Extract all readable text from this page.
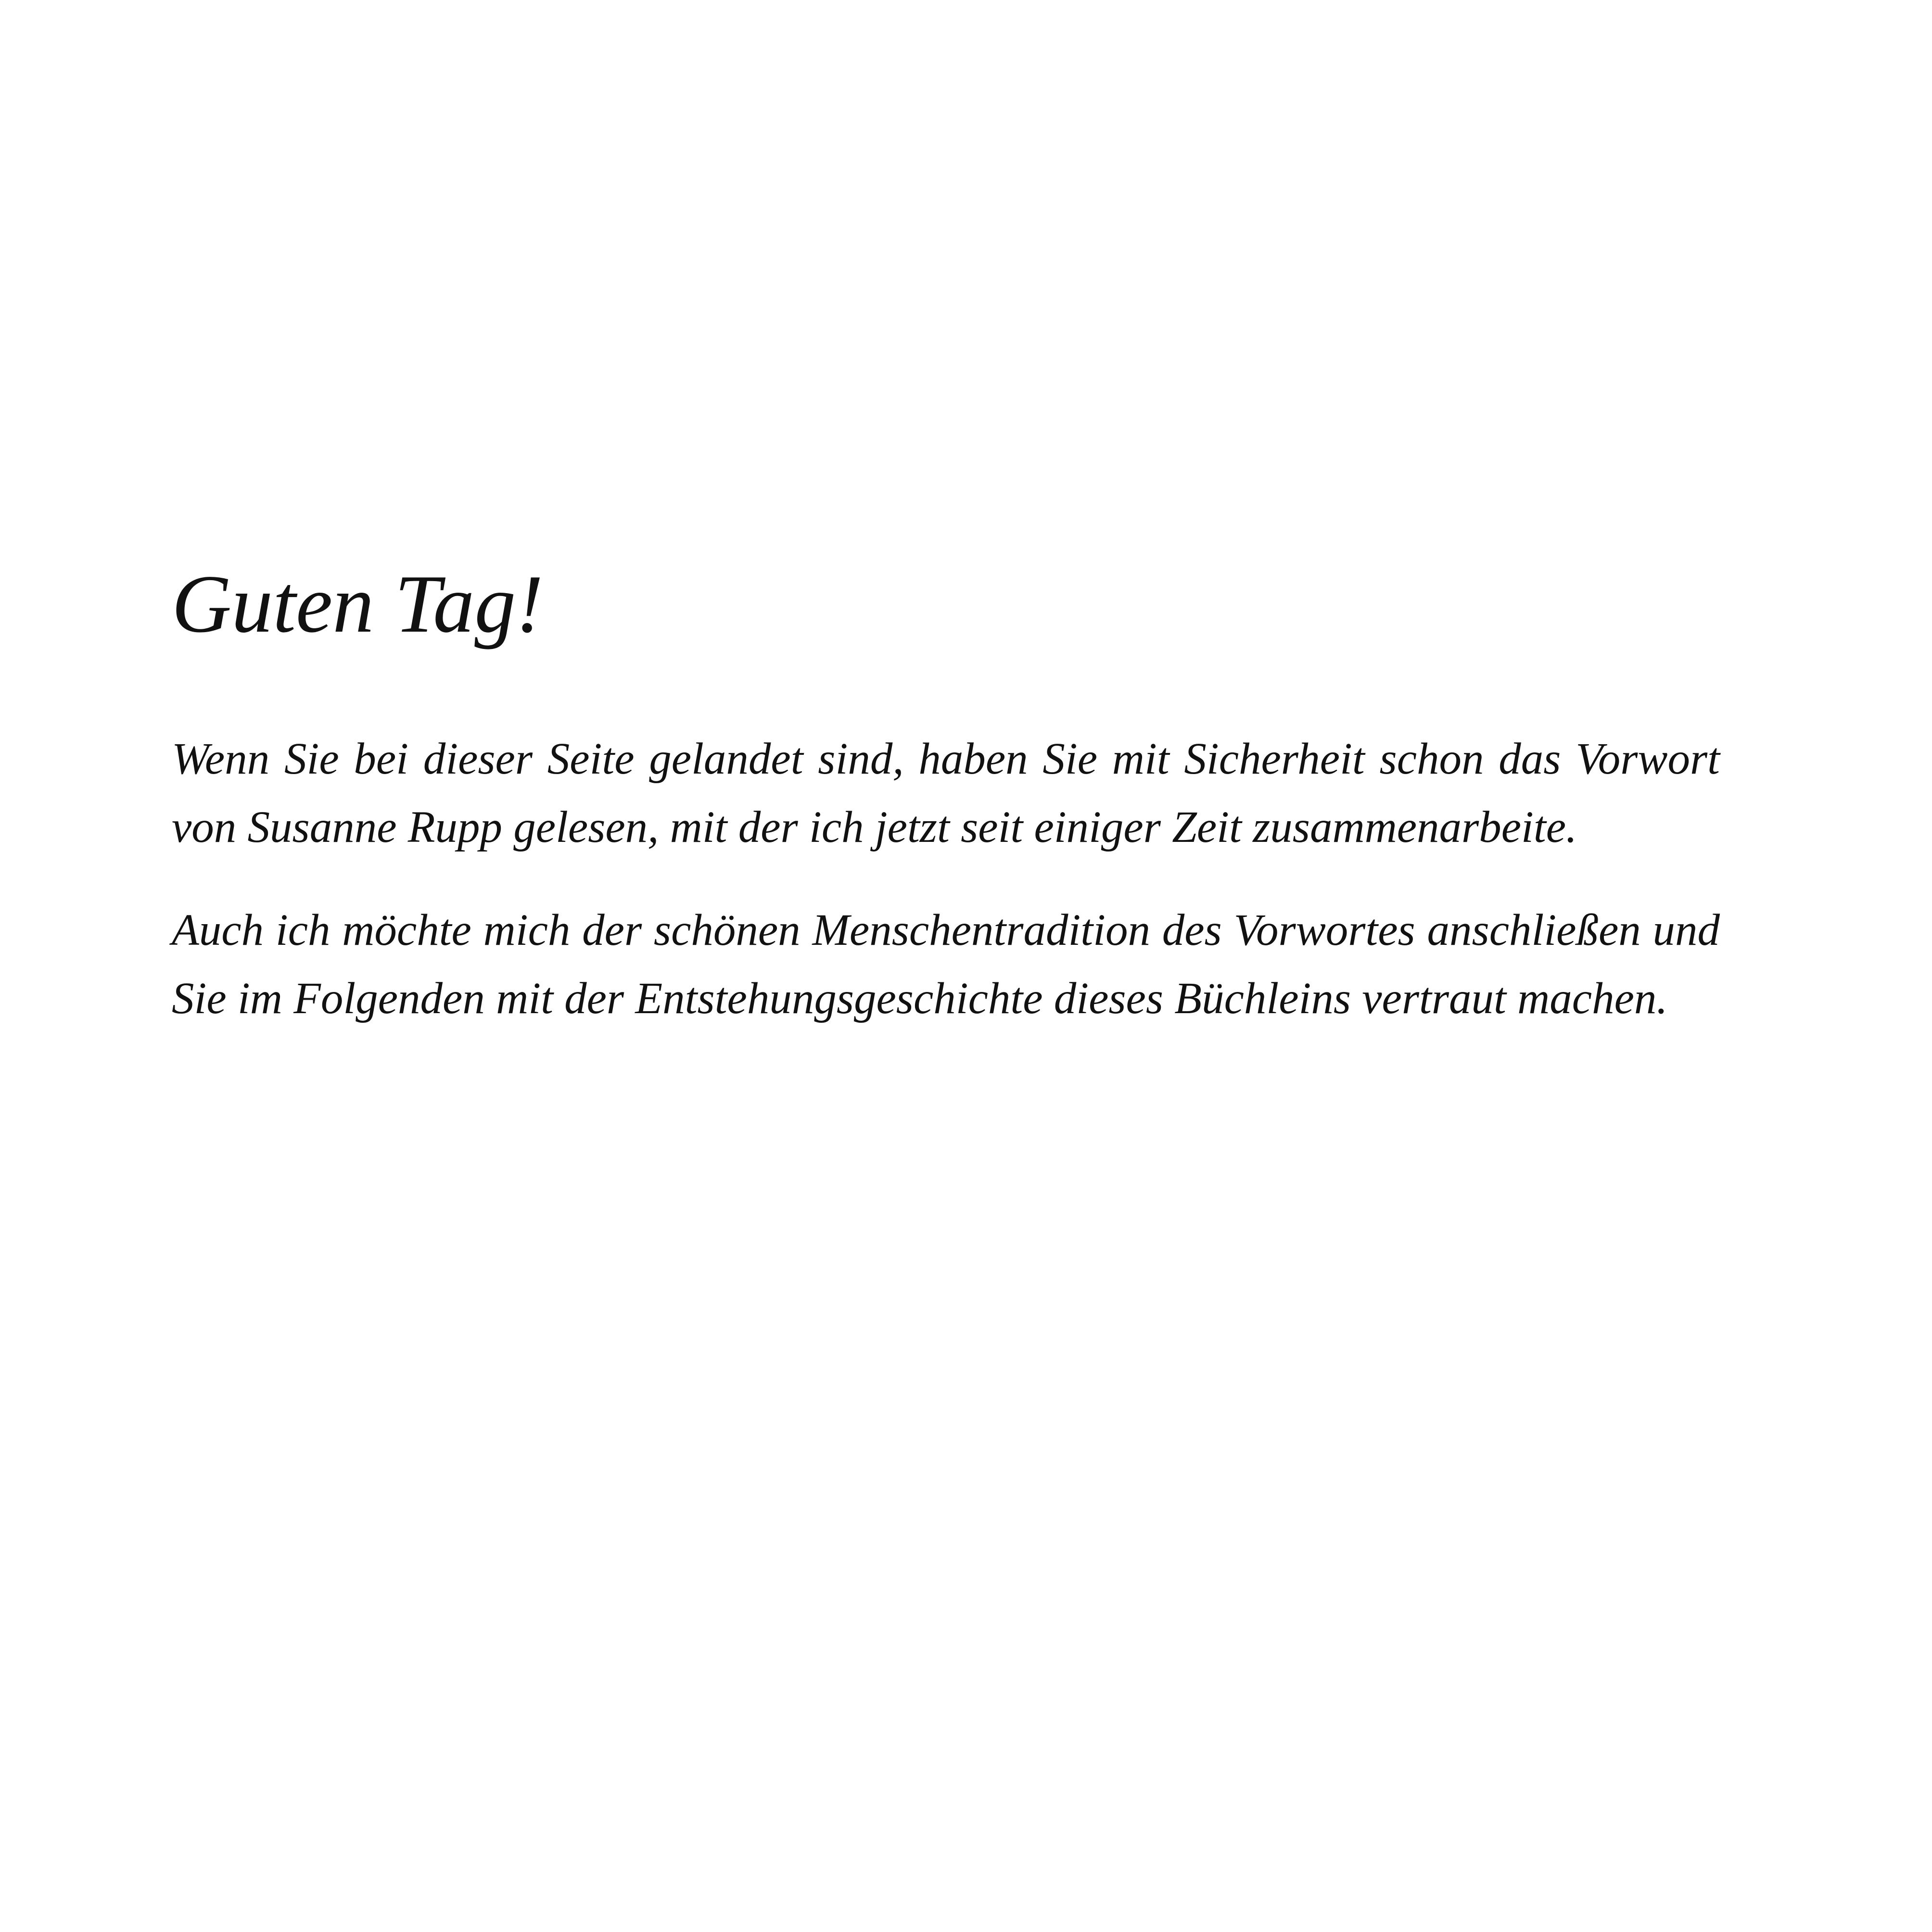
Guten Tag!

Wenn Sie bei dieser Seite gelandet sind, haben Sie mit Sicherheit schon das Vorwort von Susanne Rupp gelesen, mit der ich jetzt seit einiger Zeit zusammenarbeite.

Auch ich möchte mich der schönen Menschentradition des Vorwortes anschließen und Sie im Folgenden mit der Entstehungsgeschichte dieses Büchleins vertraut machen.
